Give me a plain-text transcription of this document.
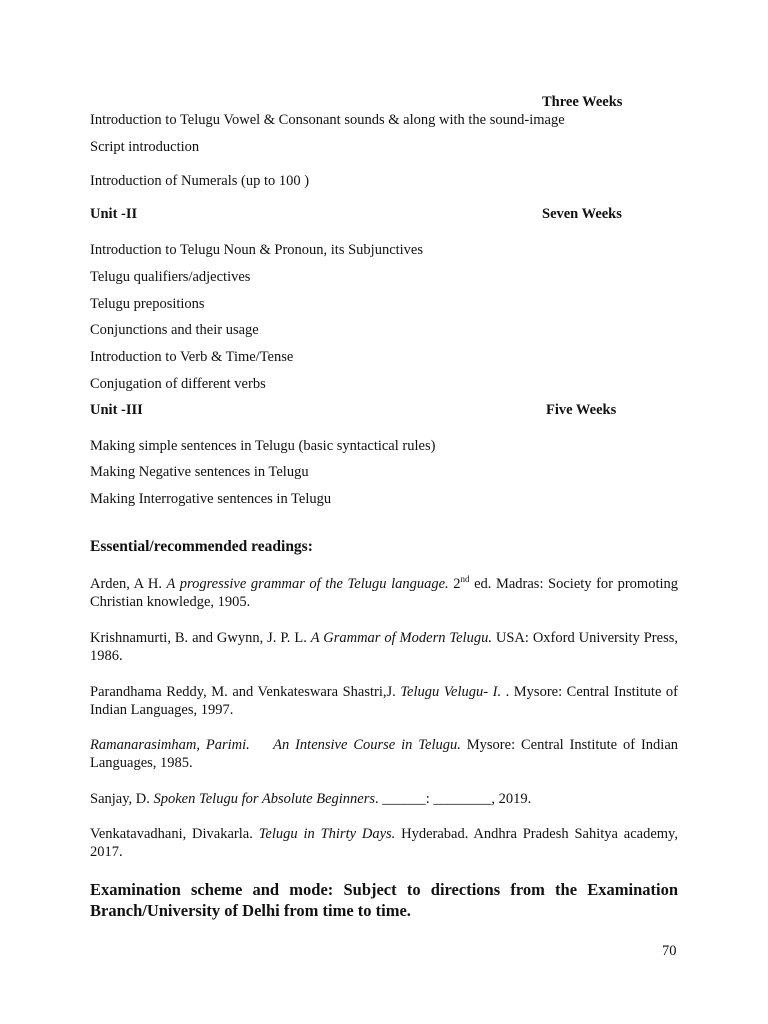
Three Weeks
Introduction to Telugu Vowel & Consonant sounds & along with the sound-image
Script introduction
Introduction of Numerals (up to 100 )
Unit -II	Seven Weeks
Introduction to Telugu Noun & Pronoun, its Subjunctives
Telugu qualifiers/adjectives
Telugu prepositions
Conjunctions and their usage
Introduction to Verb & Time/Tense
Conjugation of different verbs
Unit -III	Five Weeks
Making simple sentences in Telugu (basic syntactical rules)
Making Negative sentences in Telugu
Making Interrogative sentences in Telugu
Essential/recommended readings:
Arden, A H. A progressive grammar of the Telugu language. 2nd ed. Madras: Society for promoting Christian knowledge, 1905.
Krishnamurti, B. and Gwynn, J. P. L. A Grammar of Modern Telugu. USA: Oxford University Press, 1986.
Parandhama Reddy, M. and Venkateswara Shastri,J. Telugu Velugu- I. . Mysore: Central Institute of Indian Languages, 1997.
Ramanarasimham, Parimi.    An Intensive Course in Telugu. Mysore: Central Institute of Indian Languages, 1985.
Sanjay, D. Spoken Telugu for Absolute Beginners. ______: ________, 2019.
Venkatavadhani, Divakarla. Telugu in Thirty Days. Hyderabad. Andhra Pradesh Sahitya academy, 2017.
Examination scheme and mode: Subject to directions from the Examination Branch/University of Delhi from time to time.
70
